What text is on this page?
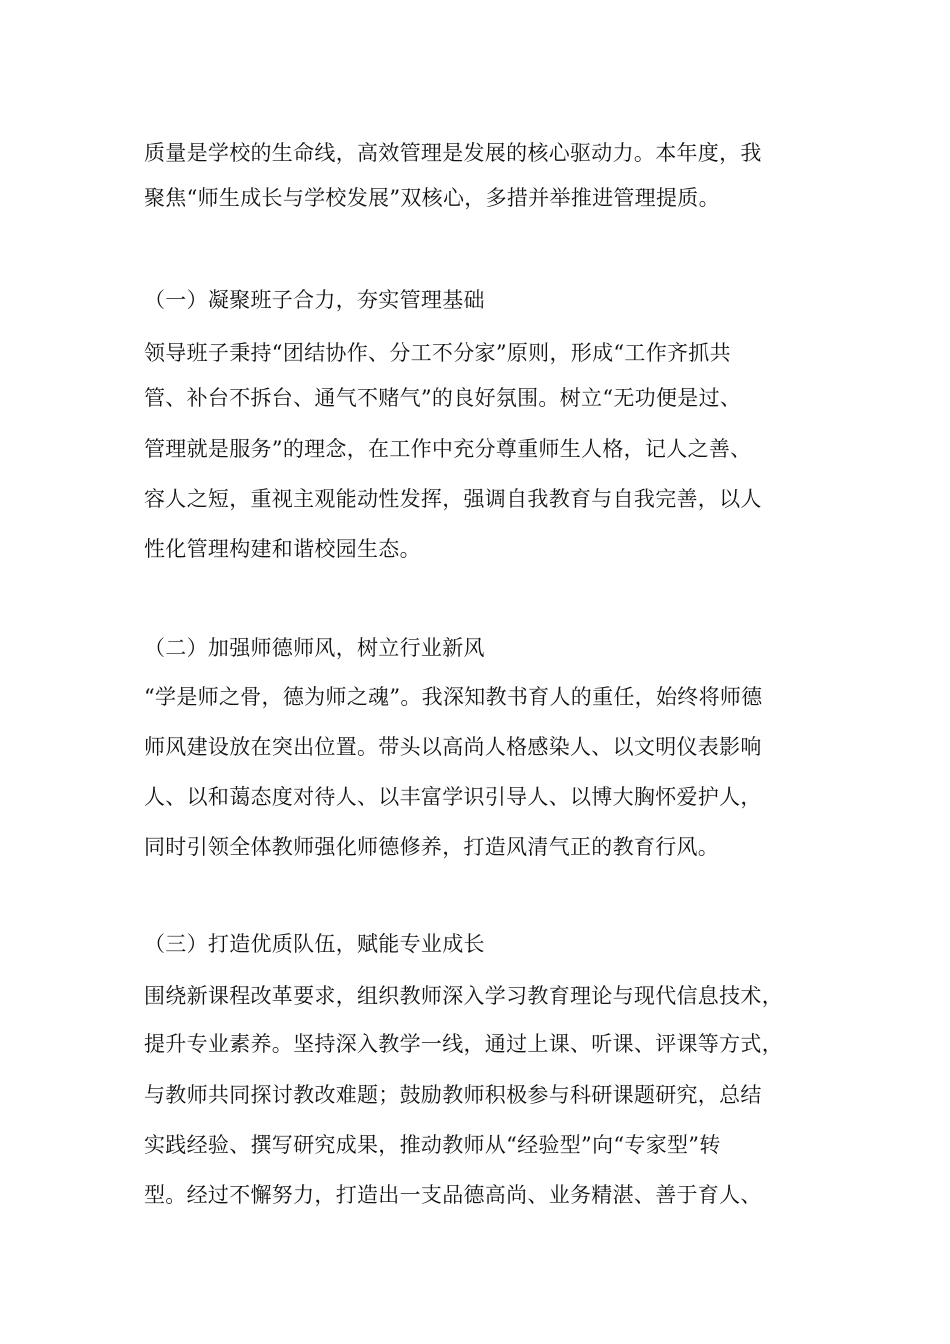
质量是学校的生命线，高效管理是发展的核心驱动力。本年度，我

聚焦“师生成长与学校发展”双核心，多措并举推进管理提质。

（一）凝聚班子合力，夯实管理基础

领导班子秉持“团结协作、分工不分家”原则，形成“工作齐抓共

管、补台不拆台、通气不赌气”的良好氛围。树立“无功便是过、

管理就是服务”的理念，在工作中充分尊重师生人格，记人之善、

容人之短，重视主观能动性发挥，强调自我教育与自我完善，以人

性化管理构建和谐校园生态。

（二）加强师德师风，树立行业新风

“学是师之骨，德为师之魂”。我深知教书育人的重任，始终将师德

师风建设放在突出位置。带头以高尚人格感染人、以文明仪表影响

人、以和蔼态度对待人、以丰富学识引导人、以博大胸怀爱护人，

同时引领全体教师强化师德修养，打造风清气正的教育行风。

（三）打造优质队伍，赋能专业成长

围绕新课程改革要求，组织教师深入学习教育理论与现代信息技术，

提升专业素养。坚持深入教学一线，通过上课、听课、评课等方式，

与教师共同探讨教改难题；鼓励教师积极参与科研课题研究，总结

实践经验、撰写研究成果，推动教师从“经验型”向“专家型”转

型。经过不懈努力，打造出一支品德高尚、业务精湛、善于育人、
